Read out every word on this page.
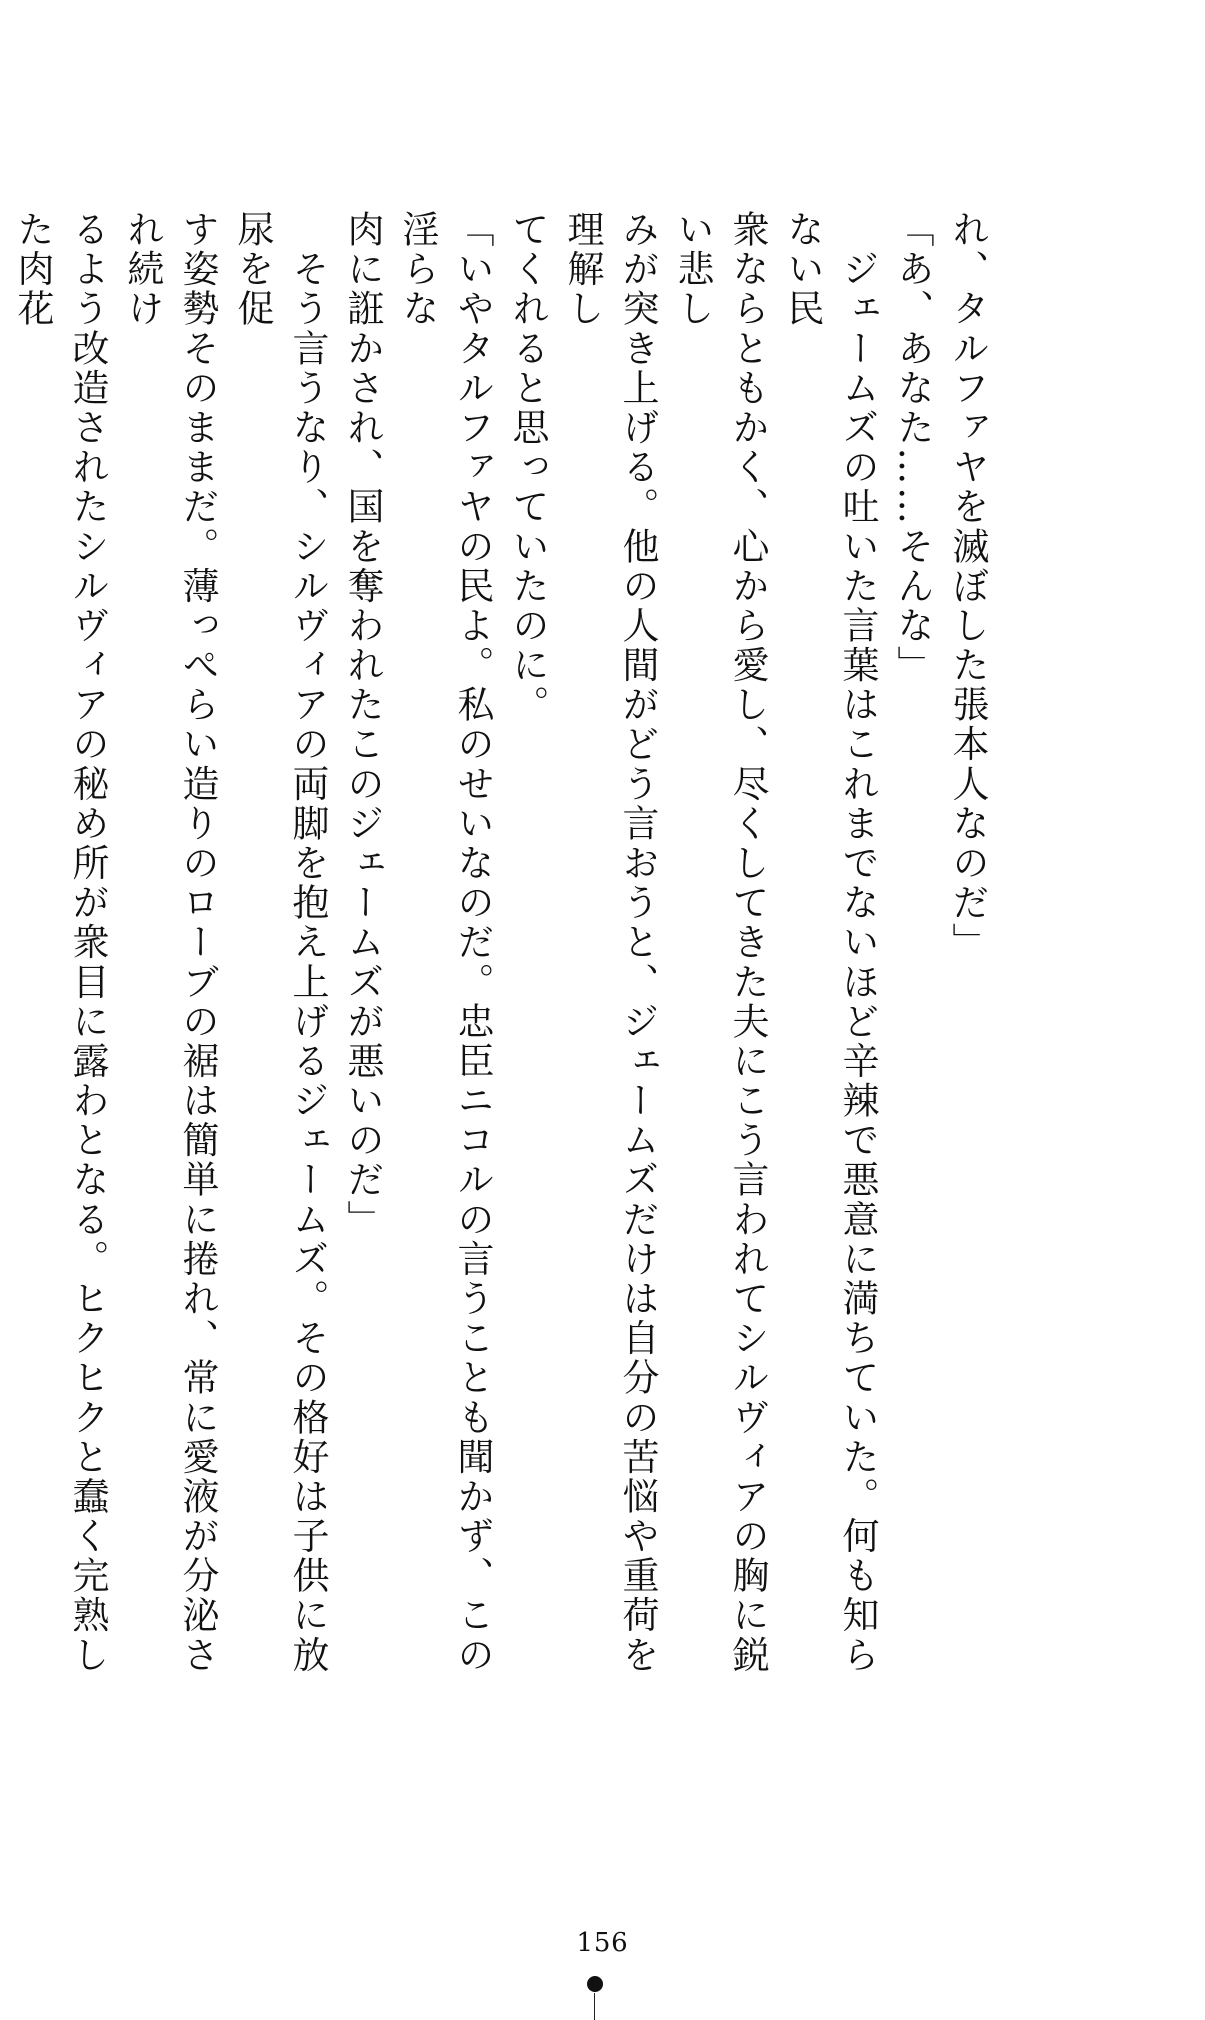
れ、タルファヤを滅ぼした張本人なのだ」
「あ、あなた……そんな」
　ジェームズの吐いた言葉はこれまでないほど辛辣で悪意に満ちていた。何も知らない民
衆ならともかく、心から愛し、尽くしてきた夫にこう言われてシルヴィアの胸に鋭い悲し
みが突き上げる。他の人間がどう言おうと、ジェームズだけは自分の苦悩や重荷を理解し
てくれると思っていたのに。
「いやタルファヤの民よ。私のせいなのだ。忠臣ニコルの言うことも聞かず、この淫らな
肉に誑かされ、国を奪われたこのジェームズが悪いのだ」
　そう言うなり、シルヴィアの両脚を抱え上げるジェームズ。その格好は子供に放尿を促
す姿勢そのままだ。薄っぺらい造りのローブの裾は簡単に捲れ、常に愛液が分泌され続け
るよう改造されたシルヴィアの秘め所が衆目に露わとなる。ヒクヒクと蠢く完熟した肉花
156
